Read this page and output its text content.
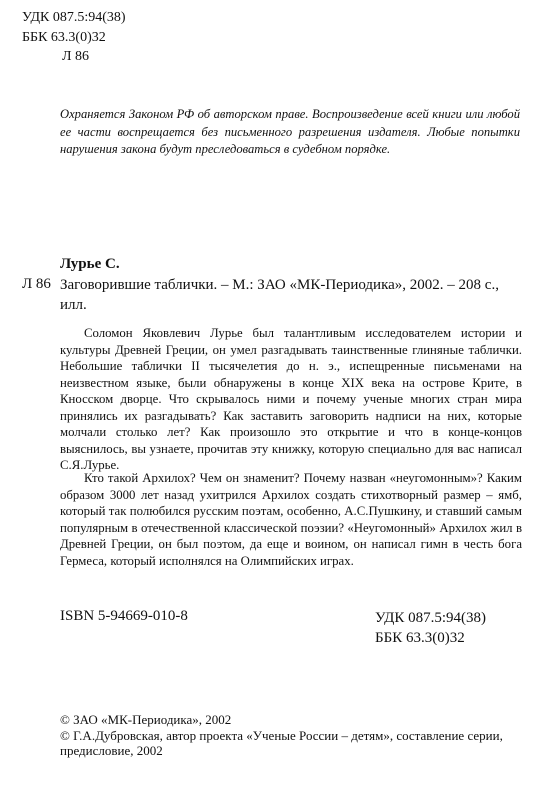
УДК 087.5:94(38)
ББК 63.3(0)32
Л 86
Охраняется Законом РФ об авторском праве. Воспроизведение всей книги или любой ее части воспрещается без письменного разрешения издателя. Любые попытки нарушения закона будут преследоваться в судебном порядке.
Лурье С.
Л 86 Заговорившие таблички. – М.: ЗАО «МК-Периодика», 2002. – 208 с., илл.

Соломон Яковлевич Лурье был талантливым исследователем истории и культуры Древней Греции, он умел разгадывать таинственные глиняные таблички. Небольшие таблички II тысячелетия до н. э., испещренные письменами на неизвестном языке, были обнаружены в конце XIX века на острове Крите, в Кносском дворце. Что скрывалось ними и почему ученые многих стран мира принялись их разгадывать? Как заставить заговорить надписи на них, которые молчали столько лет? Как произошло это открытие и что в конце-концов выяснилось, вы узнаете, прочитав эту книжку, которую специально для вас написал С.Я.Лурье.

Кто такой Архилох? Чем он знаменит? Почему назван «неугомонным»? Каким образом 3000 лет назад ухитрился Архилох создать стихотворный размер – ямб, который так полюбился русским поэтам, особенно, А.С.Пушкину, и ставший самым популярным в отечественной классической поэзии? «Неугомонный» Архилох жил в Древней Греции, он был поэтом, да еще и воином, он написал гимн в честь бога Гермеса, который исполнялся на Олимпийских играх.

ISBN 5-94669-010-8	УДК 087.5:94(38)
ББК 63.3(0)32
© ЗАО «МК-Периодика», 2002
© Г.А.Дубровская, автор проекта «Ученые России – детям», составление серии, предисловие, 2002
